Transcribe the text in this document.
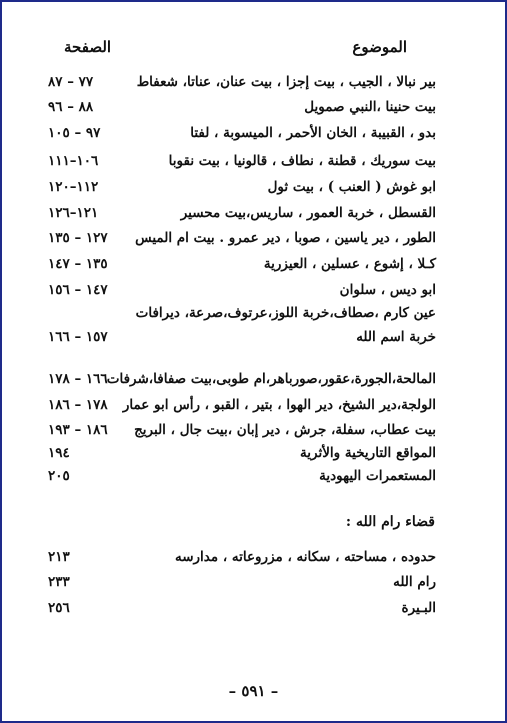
الموضوع
الصفحة
بير نبالا ، الجيب ، بيت إجزا ، بيت عنان، عناتا، شعفاط
٧٧ – ٨٧
بيت حنينا ،النبي صمويل
٨٨ – ٩٦
بدو ، القبيبة ، الخان الأحمر ، الميسوبة ، لفتا
٩٧ – ١٠٥
بيت سوريك ، قطنة ، نطاف ، قالونيا ، بيت نقوبا
١٠٦–١١١
ابو غوش ( العنب ) ، بيت ثول
١١٢–١٢٠
القسطل ، خربة العمور ، ساريس،بيت محسير
١٢١–١٢٦
الطور ، دير ياسين ، صوبا ، دير عمرو . بيت ام الميس
١٢٧ – ١٣٥
كـلا ، إشوع ، عسلين ، العيزرية
١٣٥ – ١٤٧
ابو ديس ، سلوان
١٤٧ – ١٥٦
عين كارم ،صطاف،خربة اللوز،عرتوف،صرعة، ديرافات
خربة اسم الله
١٥٧ – ١٦٦
المالحة،الجورة،عقور،صورباهر،ام طوبى،بيت صفافا،شرفات
١٦٦ – ١٧٨
الولجة،دير الشيخ، دير الهوا ، بتير ، القبو ، رأس ابو عمار
١٧٨ – ١٨٦
بيت عطاب، سفلة، جرش ، دير إبان ،بيت جال ، البريج
١٨٦ – ١٩٣
المواقع التاريخية والأثرية
١٩٤
المستعمرات اليهودية
٢٠٥
قضاء رام الله :
حدوده ، مساحته ، سكانه ، مزروعاته ، مدارسه
٢١٣
رام الله
٢٣٣
البـيرة
٢٥٦
– ٥٩١ –
